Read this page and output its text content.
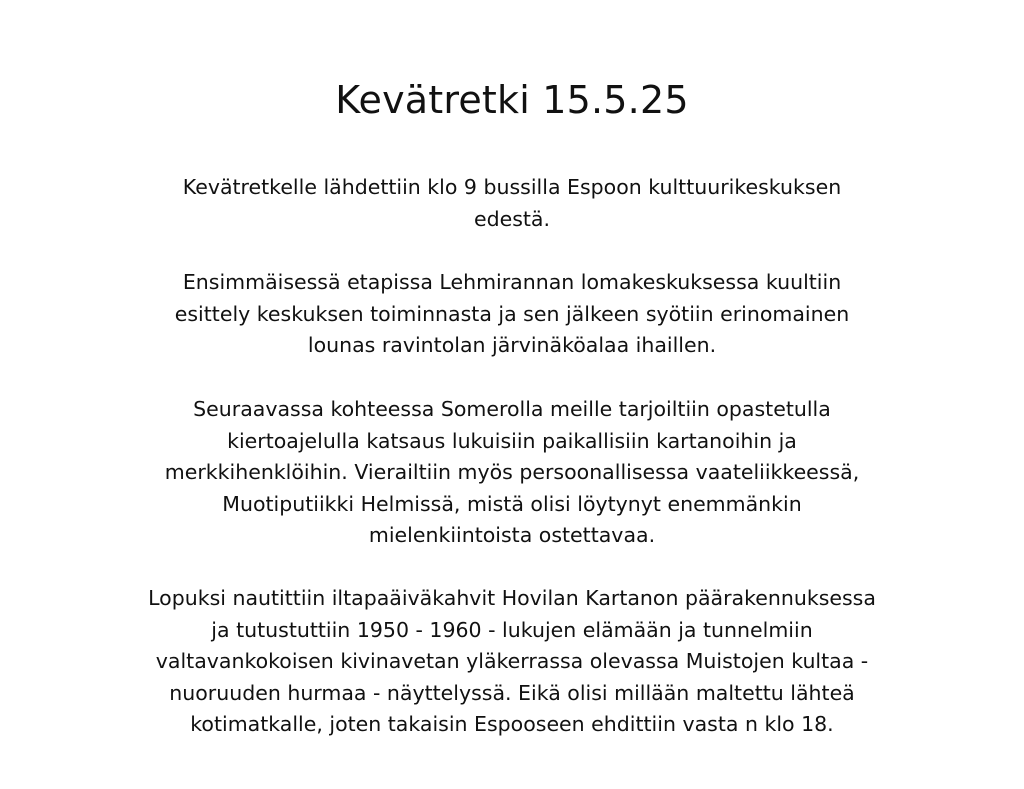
Kevätretki 15.5.25

Kevätretkelle lähdettiin klo 9 bussilla Espoon kulttuurikeskuksen
edestä.

Ensimmäisessä etapissa Lehmirannan lomakeskuksessa kuultiin
esittely keskuksen toiminnasta ja sen jälkeen syötiin erinomainen
lounas ravintolan järvinäköalaa ihaillen.

Seuraavassa kohteessa Somerolla meille tarjoiltiin opastetulla
kiertoajelulla katsaus lukuisiin paikallisiin kartanoihin ja
merkkihenklöihin. Vierailtiin myös persoonallisessa vaateliikkeessä,
Muotiputiikki Helmissä, mistä olisi löytynyt enemmänkin
mielenkiintoista ostettavaa.

Lopuksi nautittiin iltapaäiväkahvit Hovilan Kartanon päärakennuksessa
ja tutustuttiin 1950 - 1960 - lukujen elämään ja tunnelmiin
valtavankokoisen kivinavetan yläkerrassa olevassa Muistojen kultaa -
nuoruuden hurmaa - näyttelyssä. Eikä olisi millään maltettu lähteä
kotimatkalle, joten takaisin Espooseen ehdittiin vasta n klo 18.
